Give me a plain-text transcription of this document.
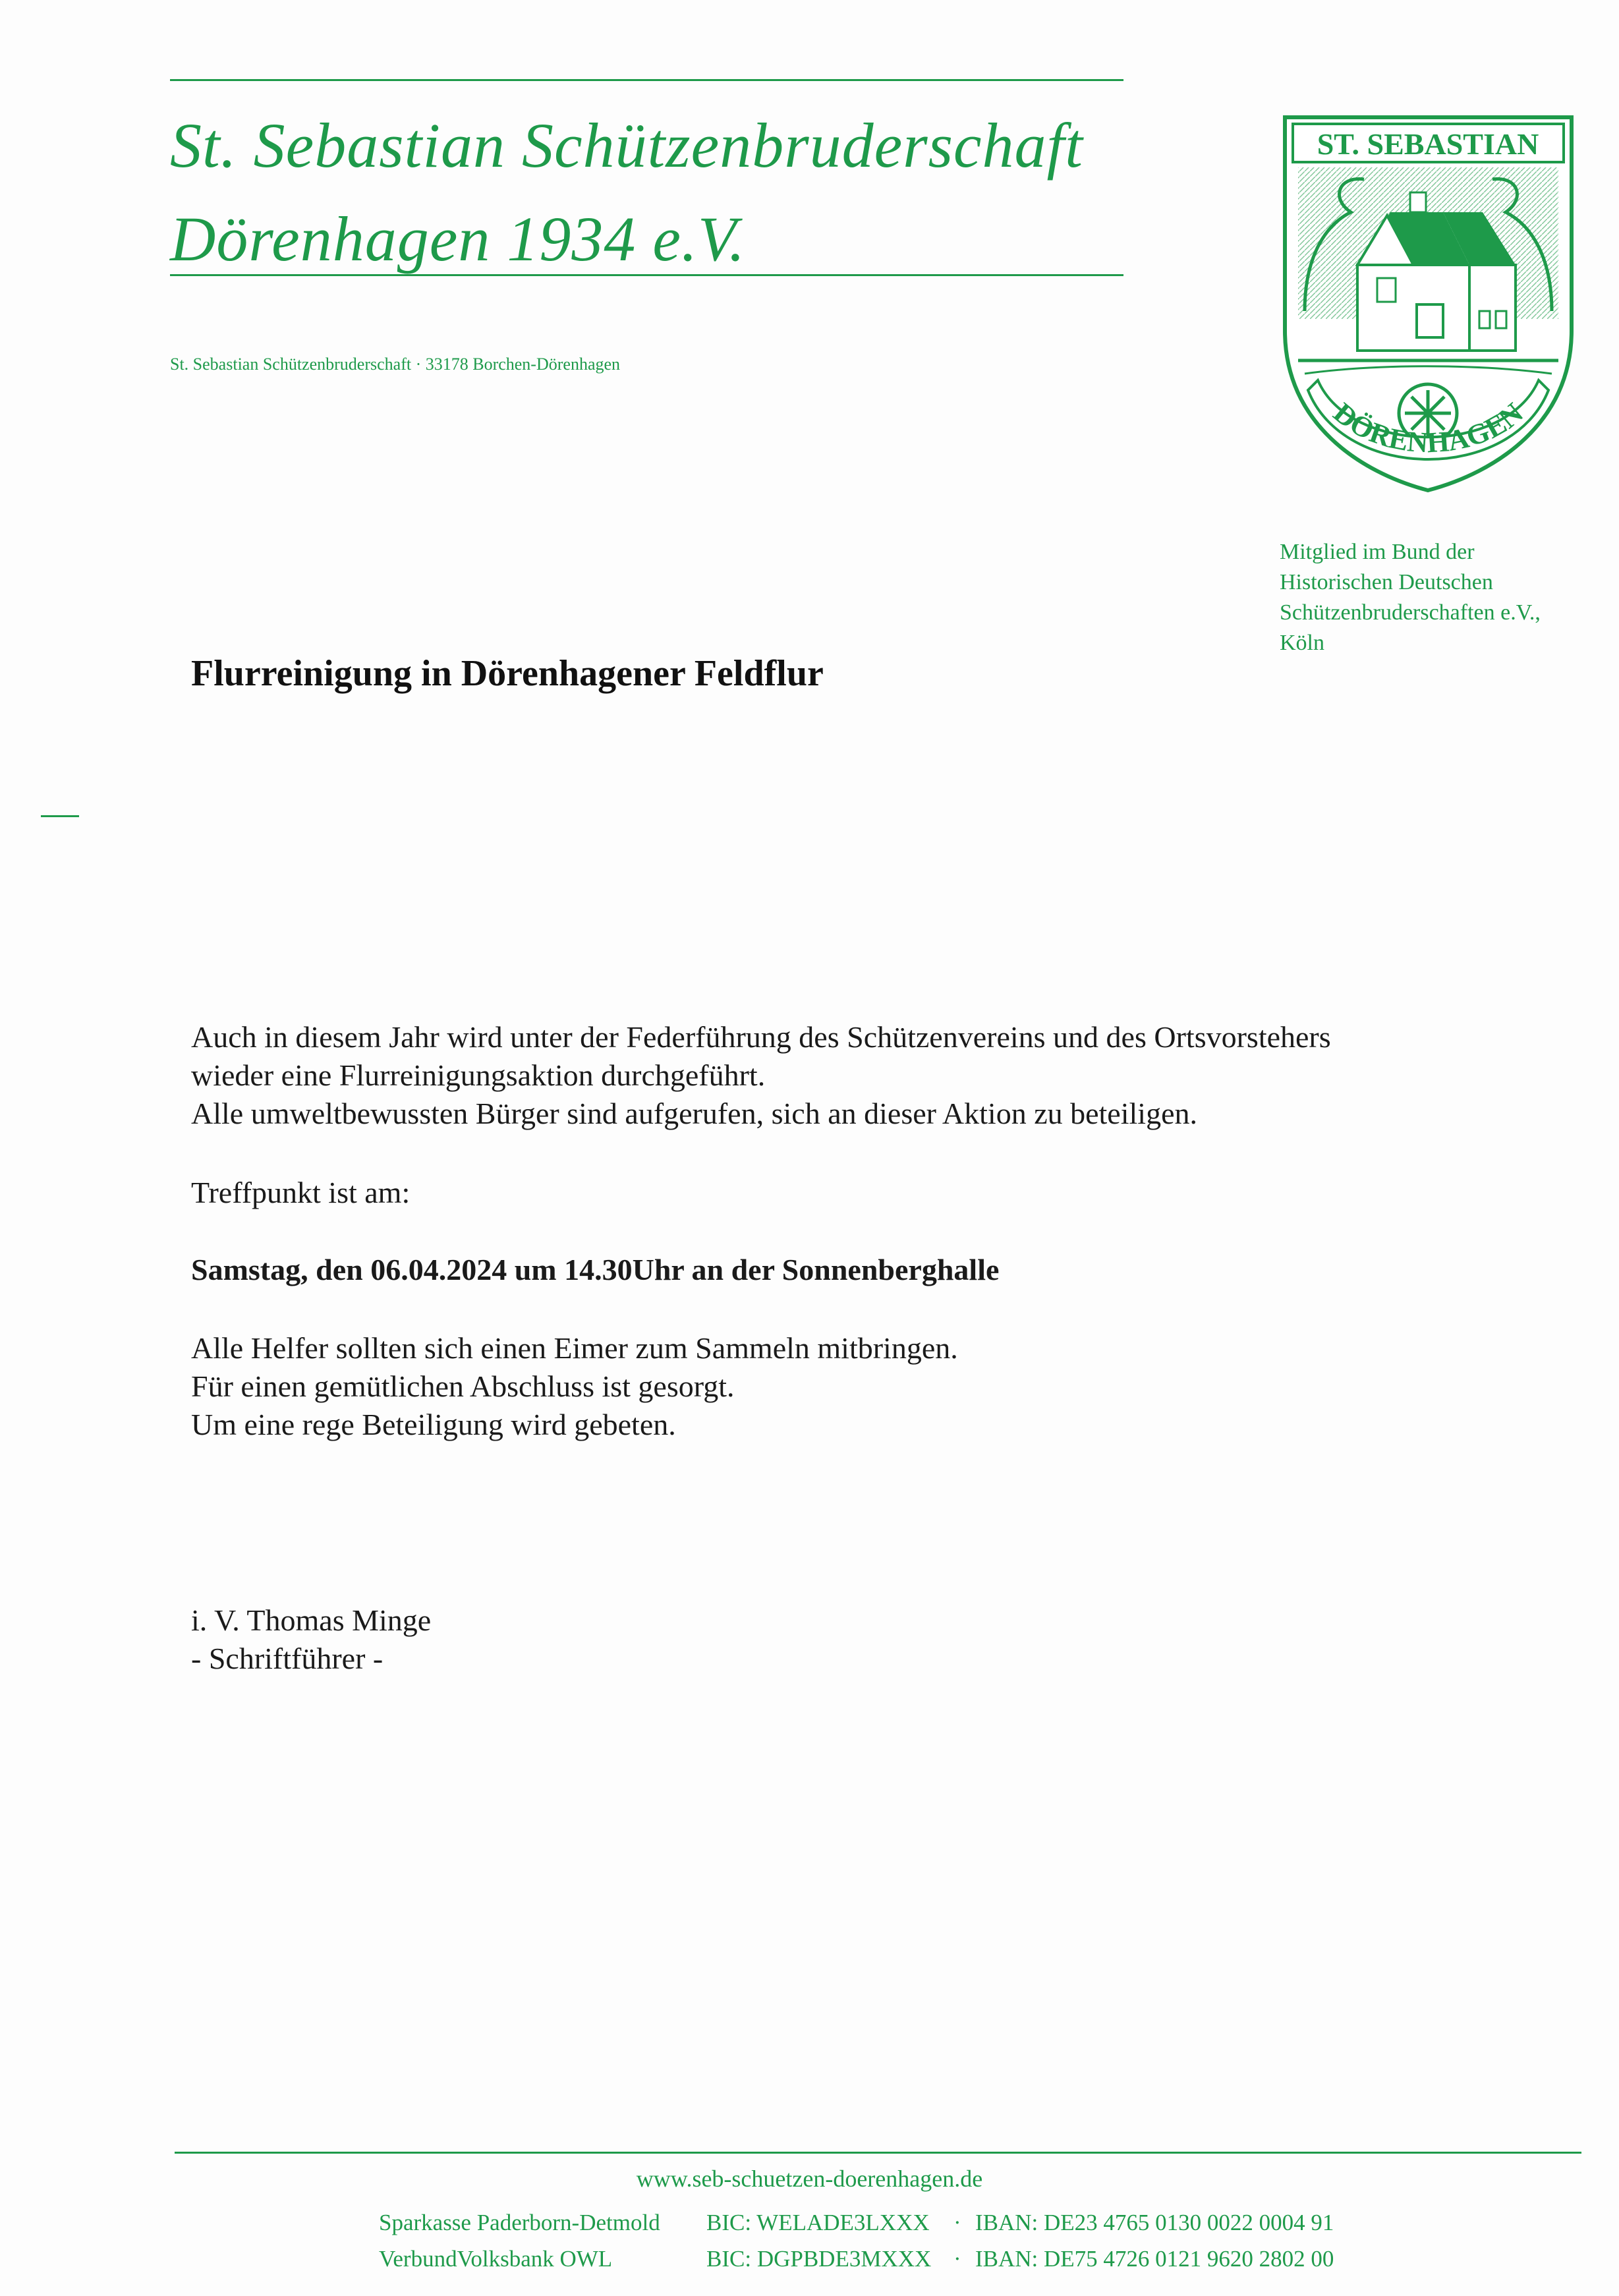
St. Sebastian Schützenbruderschaft
Dörenhagen 1934 e.V.
St. Sebastian Schützenbruderschaft · 33178 Borchen-Dörenhagen
ST. SEBASTIAN
DÖRENHAGEN
Mitglied im Bund der
Historischen Deutschen
Schützenbruderschaften e.V.,
Köln
Flurreinigung in Dörenhagener Feldflur

Auch in diesem Jahr wird unter der Federführung des Schützenvereins und des Ortsvorstehers

wieder eine Flurreinigungsaktion durchgeführt.

Alle umweltbewussten Bürger sind aufgerufen, sich an dieser Aktion zu beteiligen.

Treffpunkt ist am:
Samstag, den 06.04.2024 um 14.30Uhr an der Sonnenberghalle

Alle Helfer sollten sich einen Eimer zum Sammeln mitbringen.

Für einen gemütlichen Abschluss ist gesorgt.

Um eine rege Beteiligung wird gebeten.

i. V. Thomas Minge

- Schriftführer -

www.seb-schuetzen-doerenhagen.de
Sparkasse Paderborn-Detmold BIC: WELADE3LXXX · IBAN: DE23 4765 0130 0022 0004 91
VerbundVolksbank OWL	BIC: DGPBDE3MXXX · IBAN: DE75 4726 0121 9620 2802 00
